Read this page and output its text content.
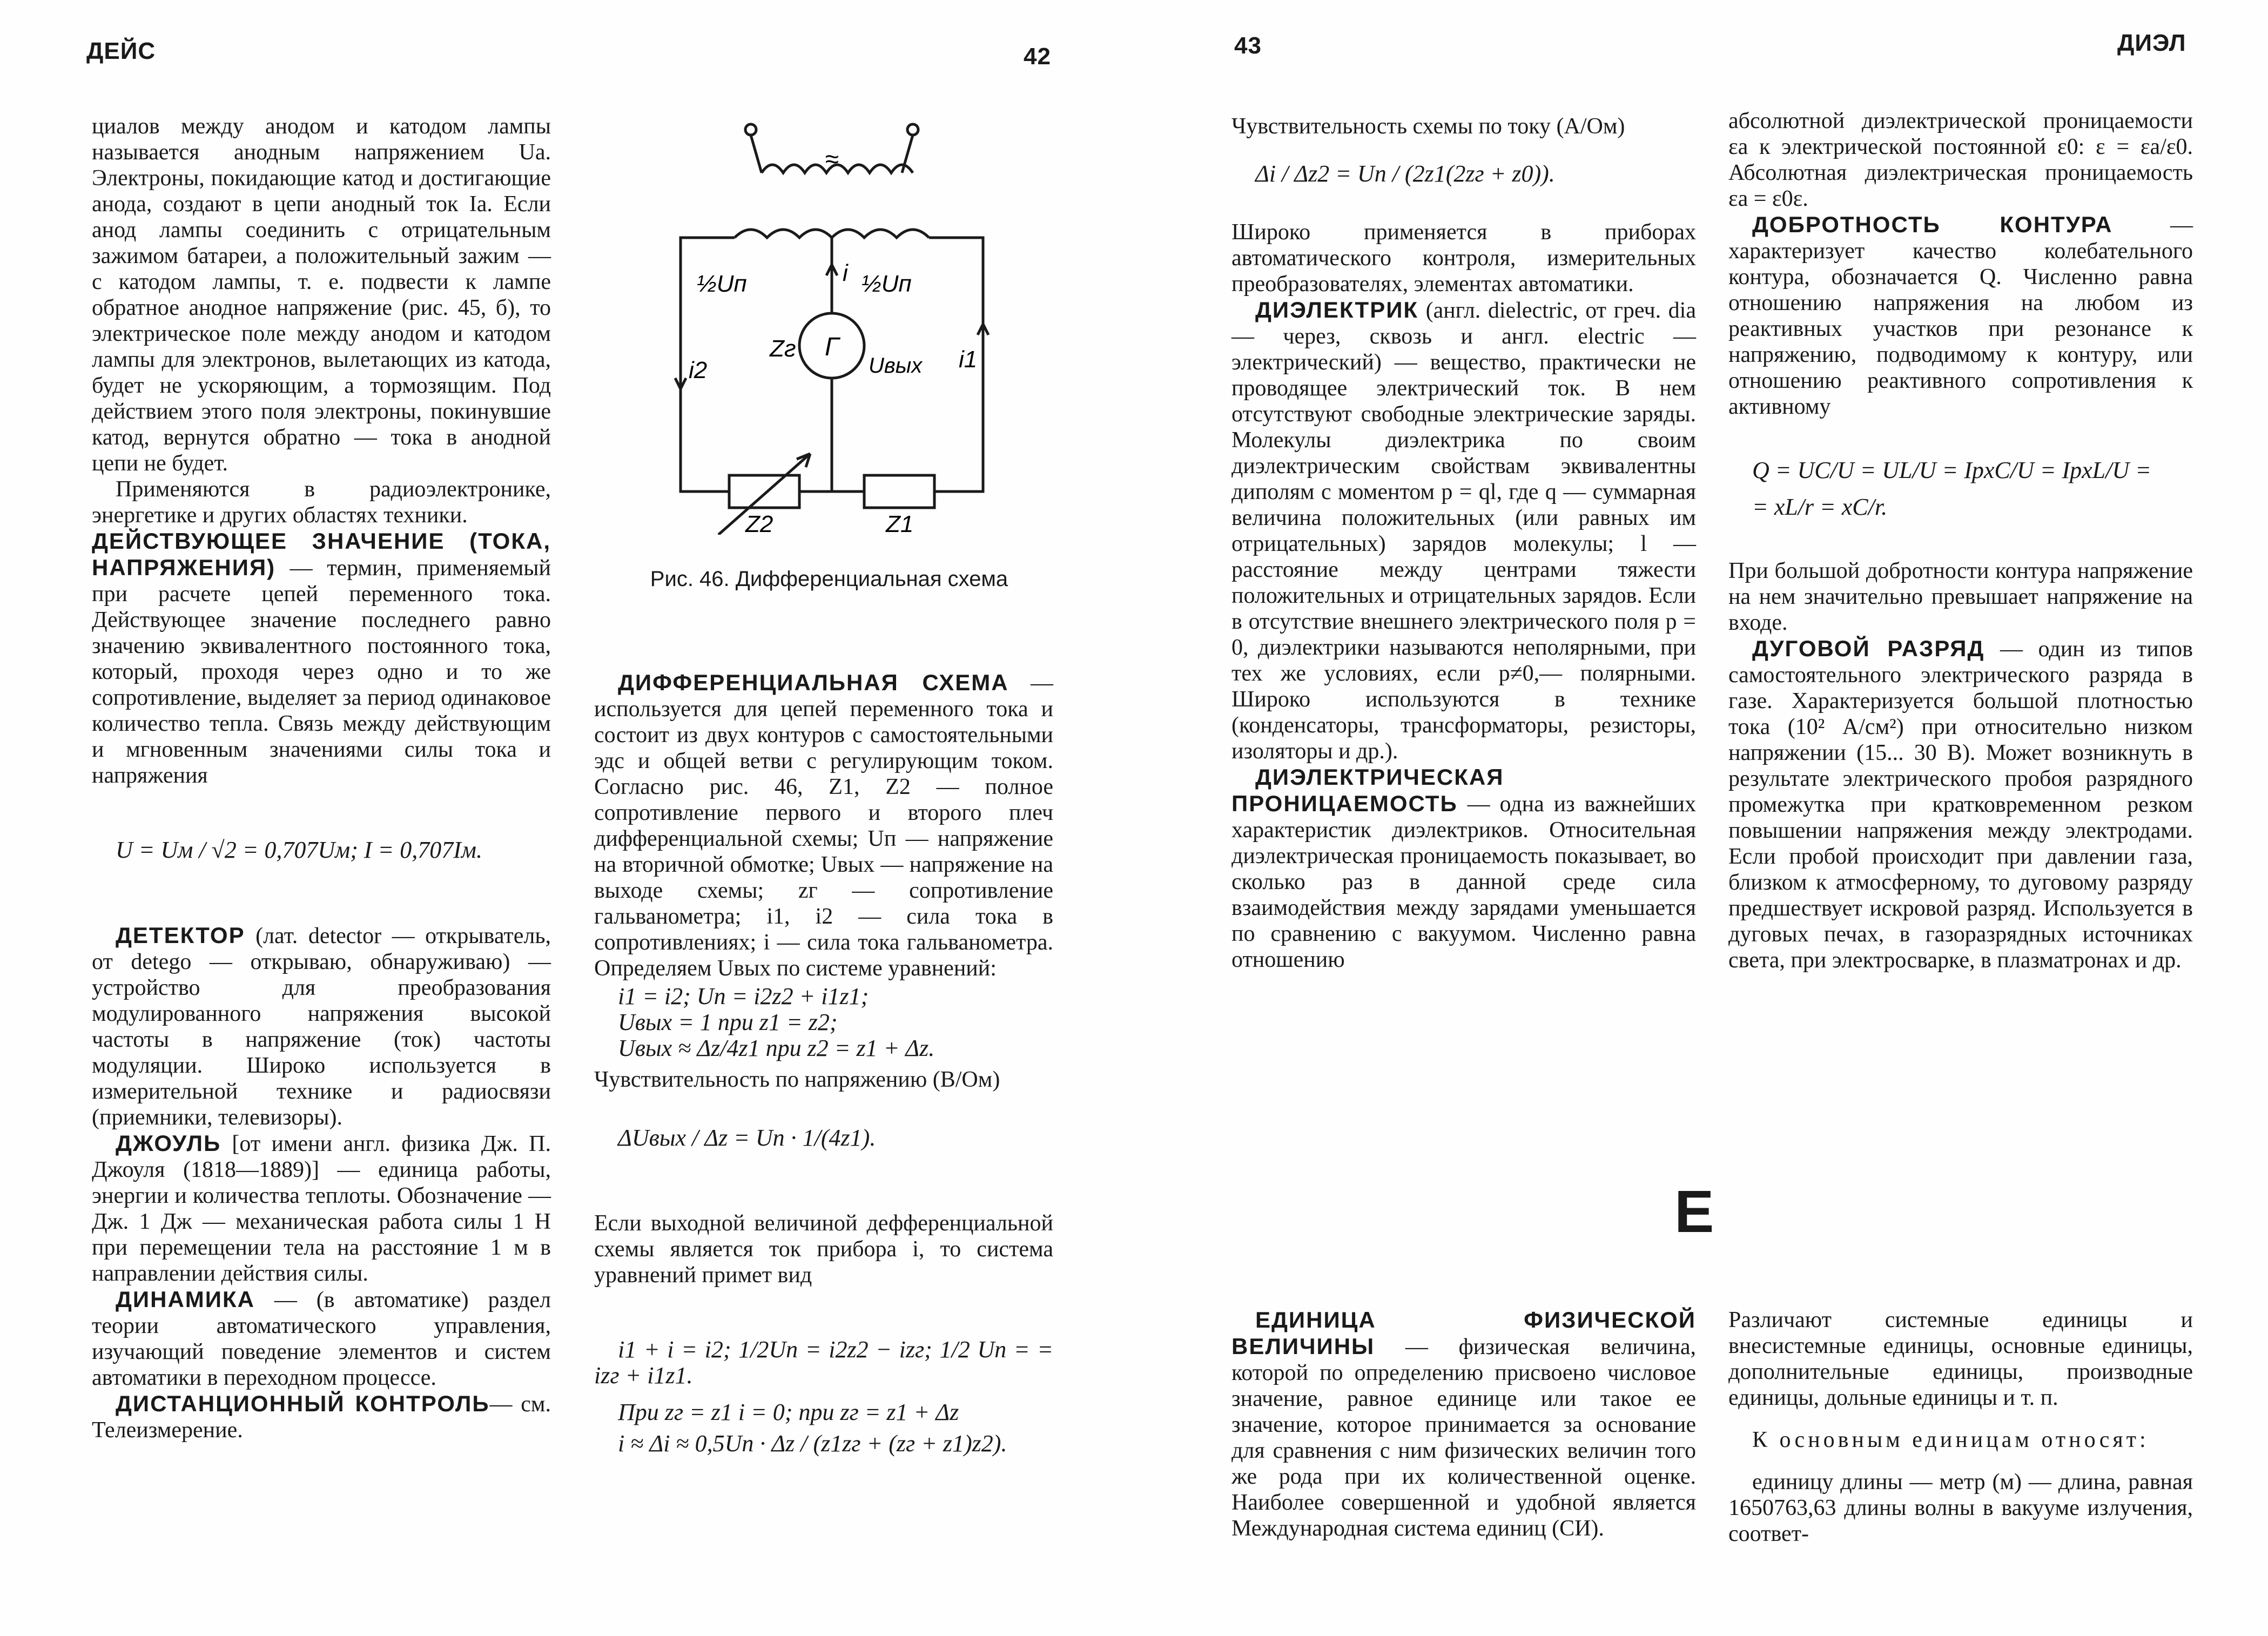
ДЕЙС	42	43	ДИЭЛ

циалов между анодом и катодом лампы называется анодным напряжением Uа. Электроны, покидающие катод и достигающие анода, создают в цепи анодный ток Iа. Если анод лампы соединить с отрицательным зажимом батареи, а положительный зажим — с катодом лампы, т. е. подвести к лампе обратное анодное напряжение (рис. 45, б), то электрическое поле между анодом и катодом лампы для электронов, вылетающих из катода, будет не ускоряющим, а тормозящим. Под действием этого поля электроны, покинувшие катод, вернутся обратно — тока в анодной цепи не будет.

Применяются в радиоэлектронике, энергетике и других областях техники.

ДЕЙСТВУЮЩЕЕ ЗНАЧЕНИЕ (ТОКА, НАПРЯЖЕНИЯ) — термин, применяемый при расчете цепей переменного тока. Действующее значение последнего равно значению эквивалентного постоянного тока, который, проходя через одно и то же сопротивление, выделяет за период одинаковое количество тепла. Связь между действующим и мгновенным значениями силы тока и напряжения

U = Uм / √2 = 0,707Uм; I = 0,707Iм.

ДЕТЕКТОР (лат. detector — открыватель, от detego — открываю, обнаруживаю) — устройство для преобразования модулированного напряжения высокой частоты в напряжение (ток) частоты модуляции. Широко используется в измерительной технике и радиосвязи (приемники, телевизоры).

ДЖОУЛЬ [от имени англ. физика Дж. П. Джоуля (1818—1889)] — единица работы, энергии и количества теплоты. Обозначение — Дж. 1 Дж — механическая работа силы 1 Н при перемещении тела на расстояние 1 м в направлении действия силы.

ДИНАМИКА — (в автоматике) раздел теории автоматического управления, изучающий поведение элементов и систем автоматики в переходном процессе.

ДИСТАНЦИОННЫЙ КОНТРОЛЬ— см. Телеизмерение.

≈
½Uп	½Uп
i
i2	i1
Zг Г
Uвых
Z2	Z1
Рис. 46. Дифференциальная схема

ДИФФЕРЕНЦИАЛЬНАЯ СХЕМА — используется для цепей переменного тока и состоит из двух контуров с самостоятельными эдс и общей ветви с регулирующим током. Согласно рис. 46, Z1, Z2 — полное сопротивление первого и второго плеч дифференциальной схемы; Uп — напряжение на вторичной обмотке; Uвых — напряжение на выходе схемы; zг — сопротивление гальванометра; i1, i2 — сила тока в сопротивлениях; i — сила тока гальванометра. Определяем Uвых по системе уравнений:

i1 = i2; Uп = i2z2 + i1z1;

Uвых = 1 при z1 = z2;

Uвых ≈ Δz/4z1 при z2 = z1 + Δz.

Чувствительность по напряжению (В/Ом)

ΔUвых / Δz = Uп · 1/(4z1).

Если выходной величиной дефференциальной схемы является ток прибора i, то система уравнений примет вид

i1 + i = i2; 1/2Uп = i2z2 − izг; 1/2 Uп = = izг + i1z1.

При zг = z1 i = 0; при zг = z1 + Δz

i ≈ Δi ≈ 0,5Uп · Δz / (z1zг + (zг + z1)z2).

Чувствительность схемы по току (А/Ом)

Δi / Δz2 = Uп / (2z1(2zг + z0)).

Широко применяется в приборах автоматического контроля, измерительных преобразователях, элементах автоматики.

ДИЭЛЕКТРИК (англ. dielectric, от греч. dia — через, сквозь и англ. electric — электрический) — вещество, практически не проводящее электрический ток. В нем отсутствуют свободные электрические заряды. Молекулы диэлектрика по своим диэлектрическим свойствам эквивалентны диполям с моментом p = ql, где q — суммарная величина положительных (или равных им отрицательных) зарядов молекулы; l — расстояние между центрами тяжести положительных и отрицательных зарядов. Если в отсутствие внешнего электрического поля p = 0, диэлектрики называются неполярными, при тех же условиях, если p≠0,— полярными. Широко используются в технике (конденсаторы, трансформаторы, резисторы, изоляторы и др.).

ДИЭЛЕКТРИЧЕСКАЯ ПРОНИЦАЕМОСТЬ — одна из важнейших характеристик диэлектриков. Относительная диэлектрическая проницаемость показывает, во сколько раз в данной среде сила взаимодействия между зарядами уменьшается по сравнению с вакуумом. Численно равна отношению

ЕДИНИЦА ФИЗИЧЕСКОЙ ВЕЛИЧИНЫ — физическая величина, которой по определению присвоено числовое значение, равное единице или такое ее значение, которое принимается за основание для сравнения с ним физических величин того же рода при их количественной оценке. Наиболее совершенной и удобной является Международная система единиц (СИ).

абсолютной диэлектрической проницаемости εа к электрической постоянной ε0: ε = εа/ε0. Абсолютная диэлектрическая проницаемость εа = ε0ε.

ДОБРОТНОСТЬ КОНТУРА — характеризует качество колебательного контура, обозначается Q. Численно равна отношению напряжения на любом из реактивных участков при резонансе к напряжению, подводимому к контуру, или отношению реактивного сопротивления к активному

Q = UC/U = UL/U = IpxC/U = IpxL/U =

= xL/r = xC/r.

При большой добротности контура напряжение на нем значительно превышает напряжение на входе.

ДУГОВОЙ РАЗРЯД — один из типов самостоятельного электрического разряда в газе. Характеризуется большой плотностью тока (10² А/см²) при относительно низком напряжении (15... 30 В). Может возникнуть в результате электрического пробоя разрядного промежутка при кратковременном резком повышении напряжения между электродами. Если пробой происходит при давлении газа, близком к атмосферному, то дуговому разряду предшествует искровой разряд. Используется в дуговых печах, в газоразрядных источниках света, при электросварке, в плазматронах и др.

Е

Различают системные единицы и внесистемные единицы, основные единицы, дополнительные единицы, производные единицы, дольные единицы и т. п.

К основным единицам относят:

единицу длины — метр (м) — длина, равная 1650763,63 длины волны в вакууме излучения, соответ-
